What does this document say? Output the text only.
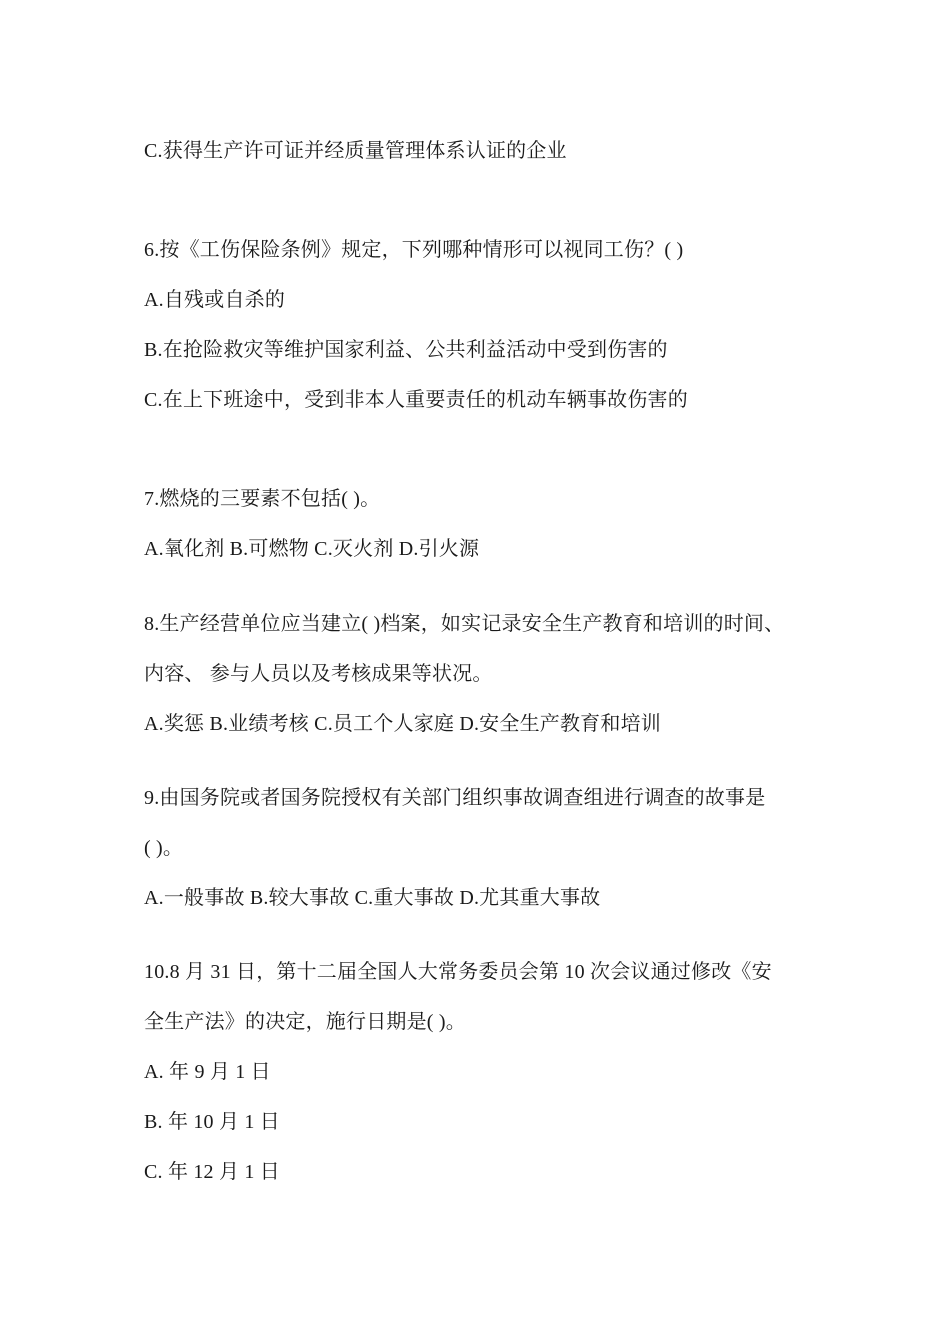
C.获得生产许可证并经质量管理体系认证的企业
6.按《工伤保险条例》规定，下列哪种情形可以视同工伤？( )
A.自残或自杀的
B.在抢险救灾等维护国家利益、公共利益活动中受到伤害的
C.在上下班途中，受到非本人重要责任的机动车辆事故伤害的
7.燃烧的三要素不包括( )。
A.氧化剂 B.可燃物 C.灭火剂 D.引火源
8.生产经营单位应当建立( )档案，如实记录安全生产教育和培训的时间、
内容、 参与人员以及考核成果等状况。
A.奖惩 B.业绩考核 C.员工个人家庭 D.安全生产教育和培训
9.由国务院或者国务院授权有关部门组织事故调查组进行调查的故事是
( )。
A.一般事故 B.较大事故 C.重大事故 D.尤其重大事故
10.8 月 31 日，第十二届全国人大常务委员会第 10 次会议通过修改《安
全生产法》的决定，施行日期是( )。
A. 年 9 月 1 日
B. 年 10 月 1 日
C. 年 12 月 1 日
